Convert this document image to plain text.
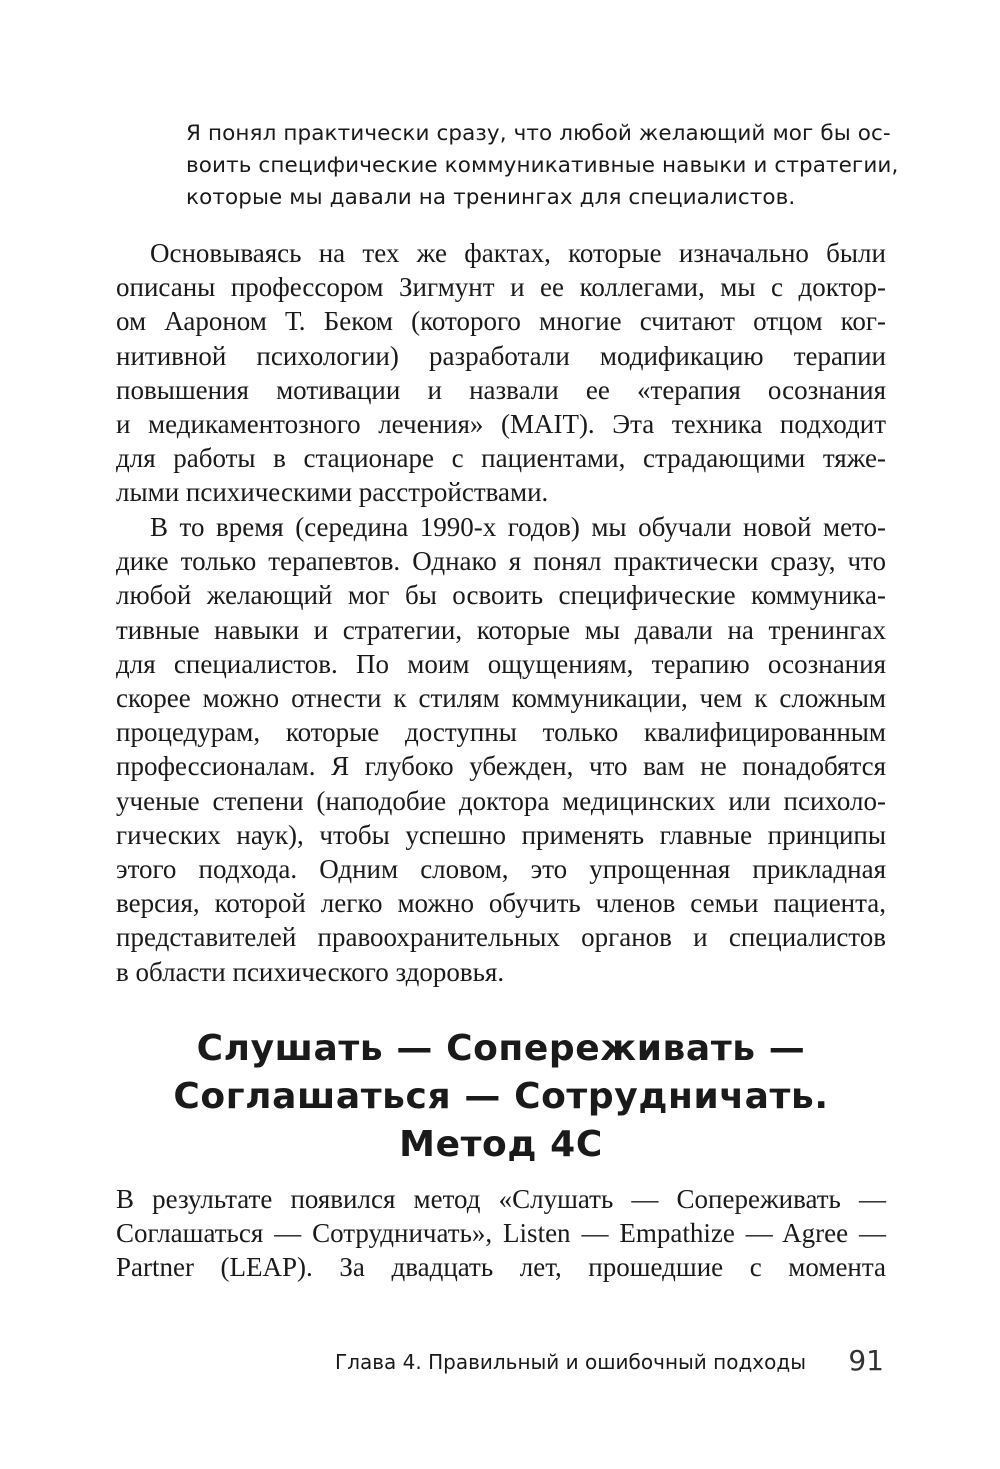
Я понял практически сразу, что любой желающий мог бы ос-
воить специфические коммуникативные навыки и стратегии,
которые мы давали на тренингах для специалистов.
Основываясь на тех же фактах, которые изначально были
описаны профессором Зигмунт и ее коллегами, мы с доктор-
ом Аароном Т. Беком (которого многие считают отцом ког-
нитивной психологии) разработали модификацию терапии
повышения мотивации и назвали ее «терапия осознания
и медикаментозного лечения» (MAIT). Эта техника подходит
для работы в стационаре с пациентами, страдающими тяже-
лыми психическими расстройствами.
В то время (середина 1990-х годов) мы обучали новой мето-
дике только терапевтов. Однако я понял практически сразу, что
любой желающий мог бы освоить специфические коммуника-
тивные навыки и стратегии, которые мы давали на тренингах
для специалистов. По моим ощущениям, терапию осознания
скорее можно отнести к стилям коммуникации, чем к сложным
процедурам, которые доступны только квалифицированным
профессионалам. Я глубоко убежден, что вам не понадобятся
ученые степени (наподобие доктора медицинских или психоло-
гических наук), чтобы успешно применять главные принципы
этого подхода. Одним словом, это упрощенная прикладная
версия, которой легко можно обучить членов семьи пациента,
представителей правоохранительных органов и специалистов
в области психического здоровья.
Слушать — Сопереживать —
Соглашаться — Сотрудничать.
Метод 4С
В результате появился метод «Слушать — Сопереживать —
Соглашаться — Сотрудничать», Listen — Empathize — Agree —
Partner (LEAP). За двадцать лет, прошедшие с момента
Глава 4. Правильный и ошибочный подходы 91
